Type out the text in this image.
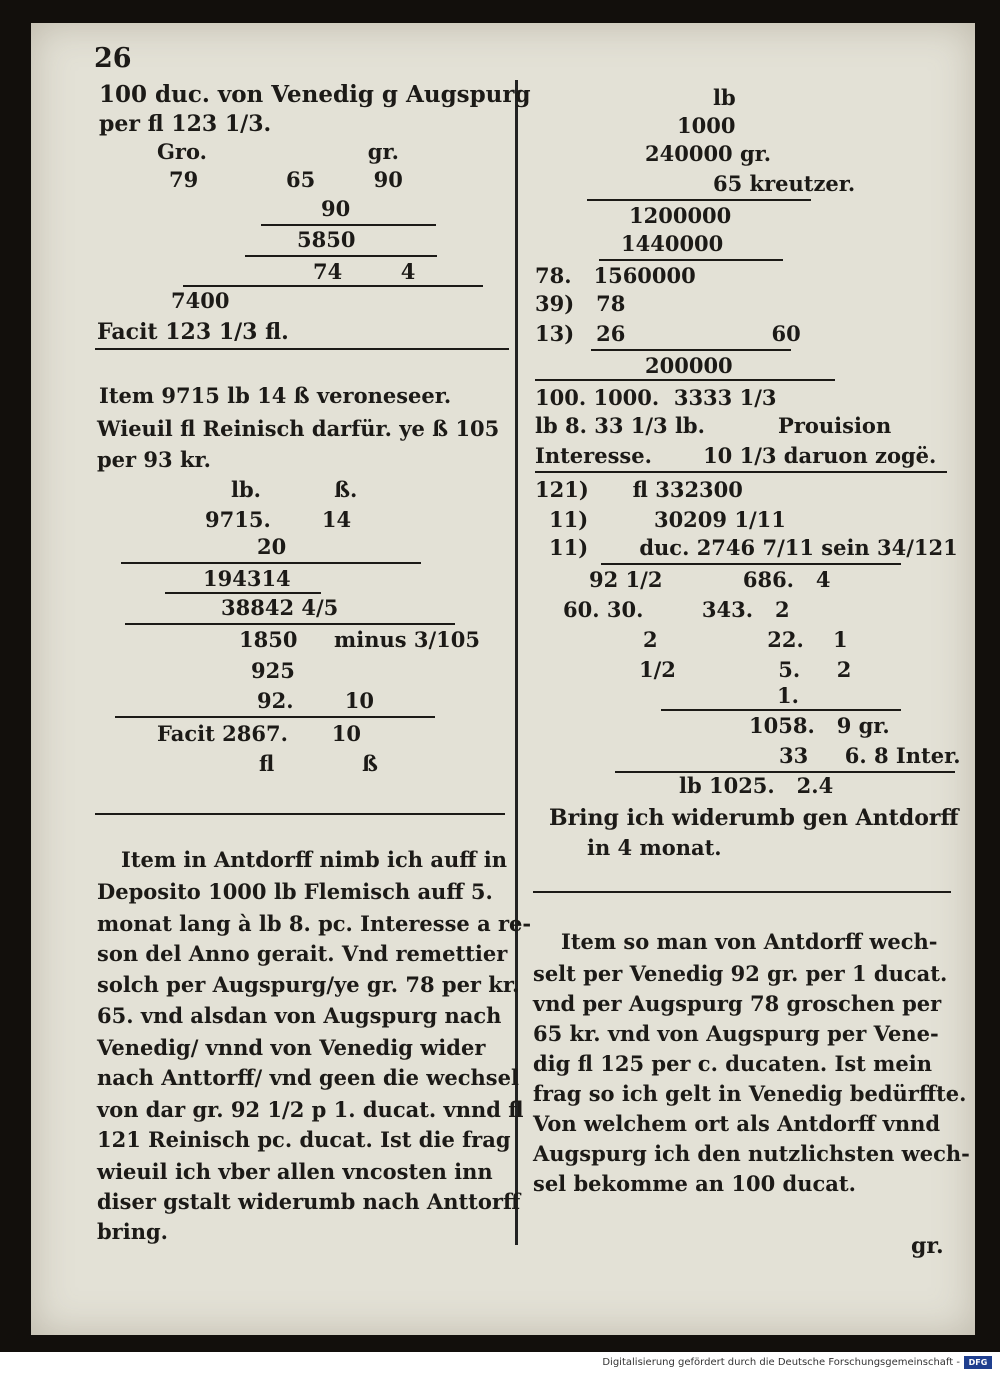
26
100 duc. von Venedig g Augspurg
per fl 123 1/3.
Gro.                      gr.
79            65        90
90
5850
74        4
7400
Facit 123 1/3 fl.
Item 9715 lb 14 ß veroneseer.
Wieuil fl Reinisch darfür. ye ß 105
per 93 kr.
lb.          ß.
9715.       14
20
194314
38842 4/5
1850     minus 3/105
925
92.       10
Facit 2867.      10
fl            ß
Item in Antdorff nimb ich auff in
Deposito 1000 lb Flemisch auff 5.
monat lang à lb 8. pc. Interesse a re-
son del Anno gerait. Vnd remettier
solch per Augspurg/ye gr. 78 per kr.
65. vnd alsdan von Augspurg nach
Venedig/ vnnd von Venedig wider
nach Anttorff/ vnd geen die wechsel
von dar gr. 92 1/2 p 1. ducat. vnnd fl
121 Reinisch pc. ducat. Ist die frag
wieuil ich vber allen vncosten inn
diser gstalt widerumb nach Anttorff
bring.
lb
1000
240000 gr.
65 kreutzer.
1200000
1440000
78.   1560000
39)   78
13)   26                    60
200000
100. 1000.  3333 1/3
lb 8. 33 1/3 lb.          Prouision
Interesse.       10 1/3 daruon zogë.
121)      fl 332300
11)         30209 1/11
11)       duc. 2746 7/11 sein 34/121
92 1/2           686.   4
60. 30.        343.   2
2               22.    1
1/2              5.     2
1.
1058.   9 gr.
33     6. 8 Inter.
lb 1025.   2.4
Bring ich widerumb gen Antdorff
in 4 monat.
Item so man von Antdorff wech-
selt per Venedig 92 gr. per 1 ducat.
vnd per Augspurg 78 groschen per
65 kr. vnd von Augspurg per Vene-
dig fl 125 per c. ducaten. Ist mein
frag so ich gelt in Venedig bedürffte.
Von welchem ort als Antdorff vnnd
Augspurg ich den nutzlichsten wech-
sel bekomme an 100 ducat.
gr.
Digitalisierung gefördert durch die Deutsche Forschungsgemeinschaft -	DFG
